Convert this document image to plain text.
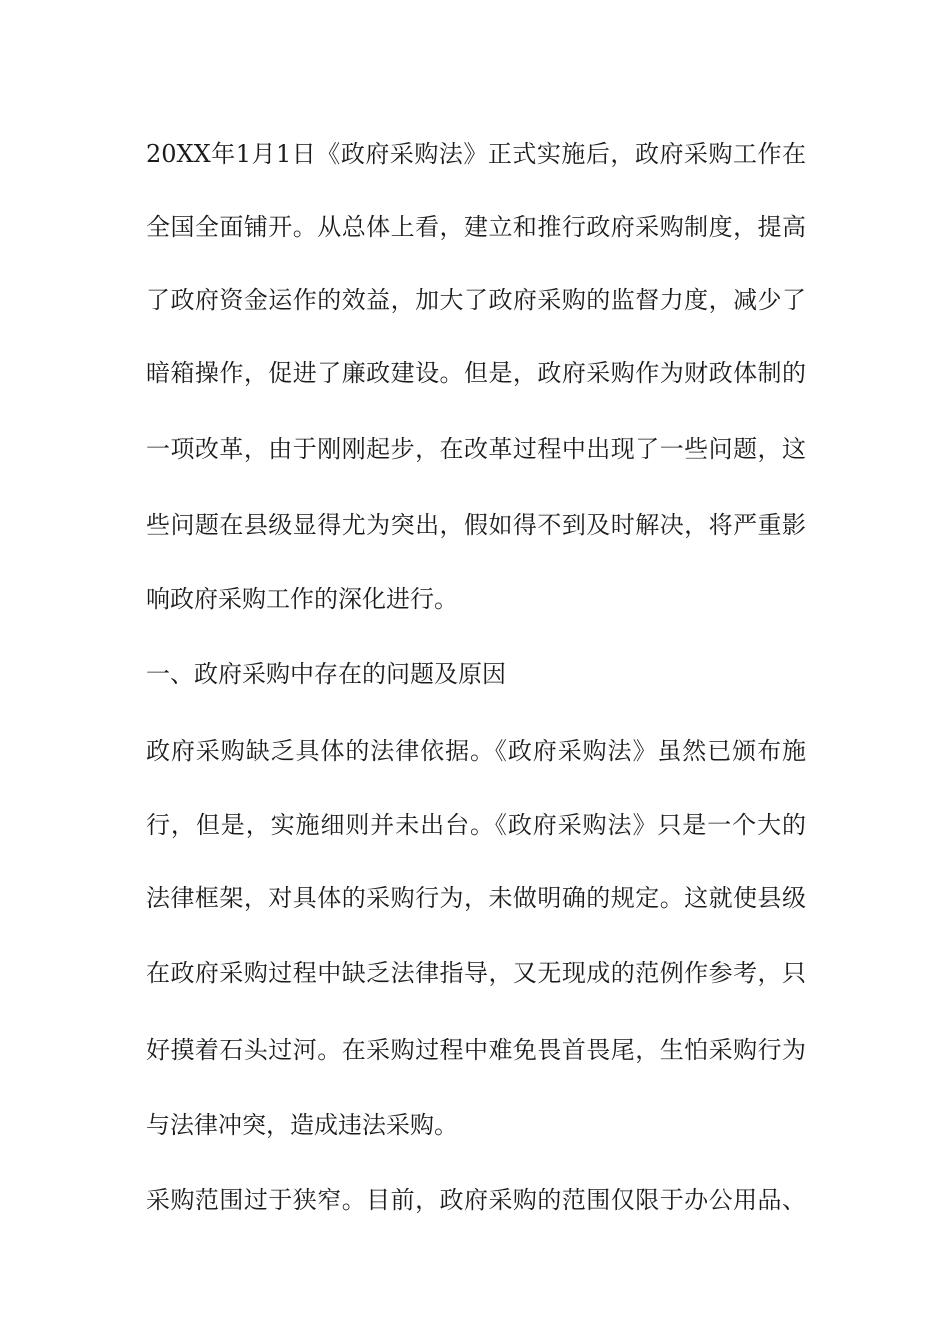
20XX年1月1日《政府采购法》正式实施后，政府采购工作在
全国全面铺开。从总体上看，建立和推行政府采购制度，提高
了政府资金运作的效益，加大了政府采购的监督力度，减少了
暗箱操作，促进了廉政建设。但是，政府采购作为财政体制的
一项改革，由于刚刚起步，在改革过程中出现了一些问题，这
些问题在县级显得尤为突出，假如得不到及时解决，将严重影
响政府采购工作的深化进行。
一、政府采购中存在的问题及原因
政府采购缺乏具体的法律依据。《政府采购法》虽然已颁布施
行，但是，实施细则并未出台。《政府采购法》只是一个大的
法律框架，对具体的采购行为，未做明确的规定。这就使县级
在政府采购过程中缺乏法律指导，又无现成的范例作参考，只
好摸着石头过河。在采购过程中难免畏首畏尾，生怕采购行为
与法律冲突，造成违法采购。
采购范围过于狭窄。目前，政府采购的范围仅限于办公用品、
